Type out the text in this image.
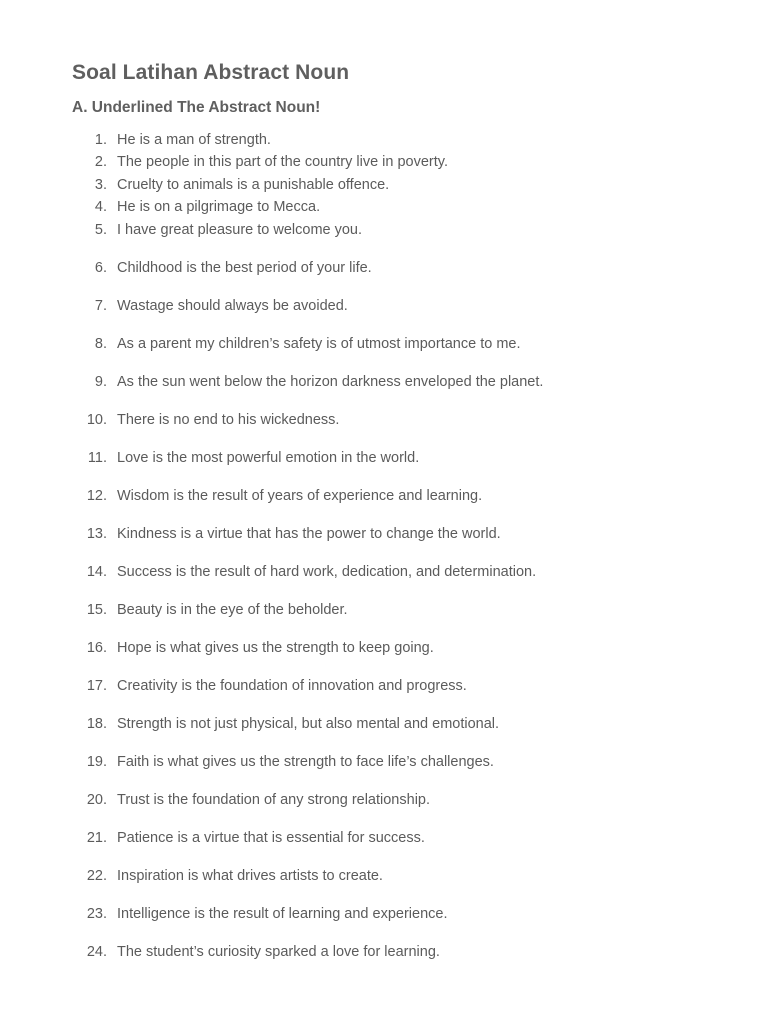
Soal Latihan Abstract Noun
A. Underlined The Abstract Noun!
1. He is a man of strength.
2. The people in this part of the country live in poverty.
3. Cruelty to animals is a punishable offence.
4. He is on a pilgrimage to Mecca.
5. I have great pleasure to welcome you.
6. Childhood is the best period of your life.
7. Wastage should always be avoided.
8. As a parent my children’s safety is of utmost importance to me.
9. As the sun went below the horizon darkness enveloped the planet.
10. There is no end to his wickedness.
11. Love is the most powerful emotion in the world.
12. Wisdom is the result of years of experience and learning.
13. Kindness is a virtue that has the power to change the world.
14. Success is the result of hard work, dedication, and determination.
15. Beauty is in the eye of the beholder.
16. Hope is what gives us the strength to keep going.
17. Creativity is the foundation of innovation and progress.
18. Strength is not just physical, but also mental and emotional.
19. Faith is what gives us the strength to face life’s challenges.
20. Trust is the foundation of any strong relationship.
21. Patience is a virtue that is essential for success.
22. Inspiration is what drives artists to create.
23. Intelligence is the result of learning and experience.
24. The student’s curiosity sparked a love for learning.
